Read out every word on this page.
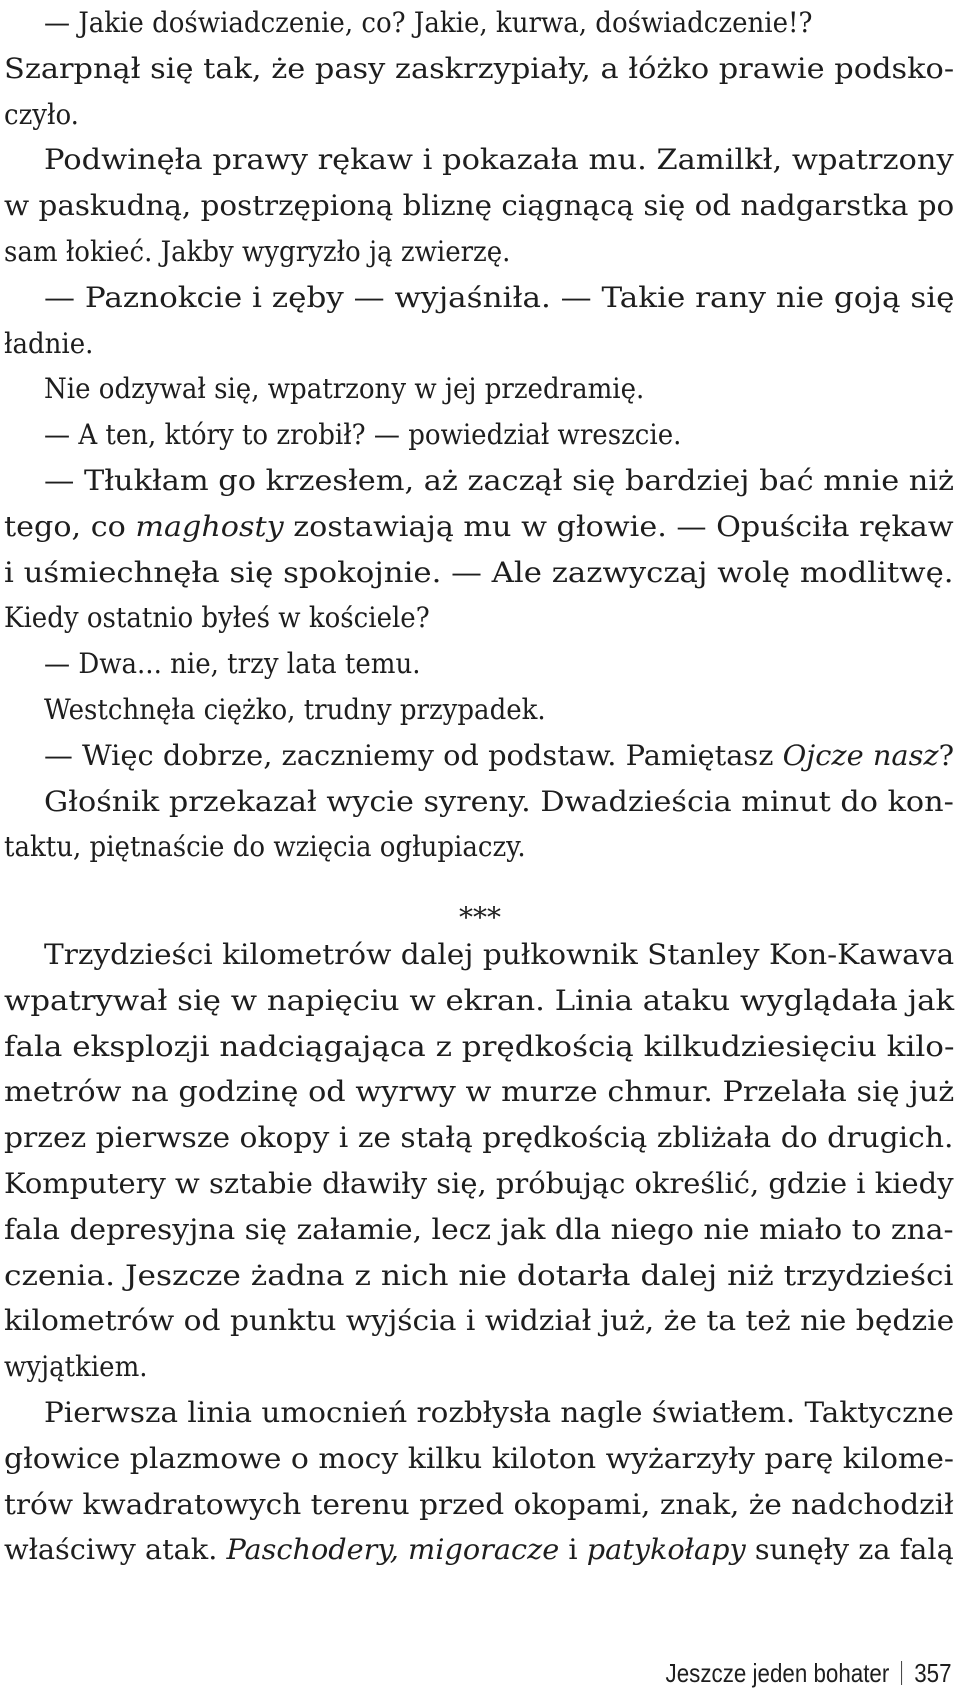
— Jakie doświadczenie, co? Jakie, kurwa, doświadczenie!?
Szarpnął się tak, że pasy zaskrzypiały, a łóżko prawie podsko-
czyło.
Podwinęła prawy rękaw i pokazała mu. Zamilkł, wpatrzony
w paskudną, postrzępioną bliznę ciągnącą się od nadgarstka po
sam łokieć. Jakby wygryzło ją zwierzę.
— Paznokcie i zęby — wyjaśniła. — Takie rany nie goją się
ładnie.
Nie odzywał się, wpatrzony w jej przedramię.
— A ten, który to zrobił? — powiedział wreszcie.
— Tłukłam go krzesłem, aż zaczął się bardziej bać mnie niż
tego, co maghosty zostawiają mu w głowie. — Opuściła rękaw
i uśmiechnęła się spokojnie. — Ale zazwyczaj wolę modlitwę.
Kiedy ostatnio byłeś w kościele?
— Dwa... nie, trzy lata temu.
Westchnęła ciężko, trudny przypadek.
— Więc dobrze, zaczniemy od podstaw. Pamiętasz Ojcze nasz?
Głośnik przekazał wycie syreny. Dwadzieścia minut do kon-
taktu, piętnaście do wzięcia ogłupiaczy.
Trzydzieści kilometrów dalej pułkownik Stanley Kon-Kawava
wpatrywał się w napięciu w ekran. Linia ataku wyglądała jak
fala eksplozji nadciągająca z prędkością kilkudziesięciu kilo-
metrów na godzinę od wyrwy w murze chmur. Przelała się już
przez pierwsze okopy i ze stałą prędkością zbliżała do drugich.
Komputery w sztabie dławiły się, próbując określić, gdzie i kiedy
fala depresyjna się załamie, lecz jak dla niego nie miało to zna-
czenia. Jeszcze żadna z nich nie dotarła dalej niż trzydzieści
kilometrów od punktu wyjścia i widział już, że ta też nie będzie
wyjątkiem.
Pierwsza linia umocnień rozbłysła nagle światłem. Taktyczne
głowice plazmowe o mocy kilku kiloton wyżarzyły parę kilome-
trów kwadratowych terenu przed okopami, znak, że nadchodził
właściwy atak. Paschodery, migoracze i patykołapy sunęły za falą
***
Jeszcze jeden bohater 357
